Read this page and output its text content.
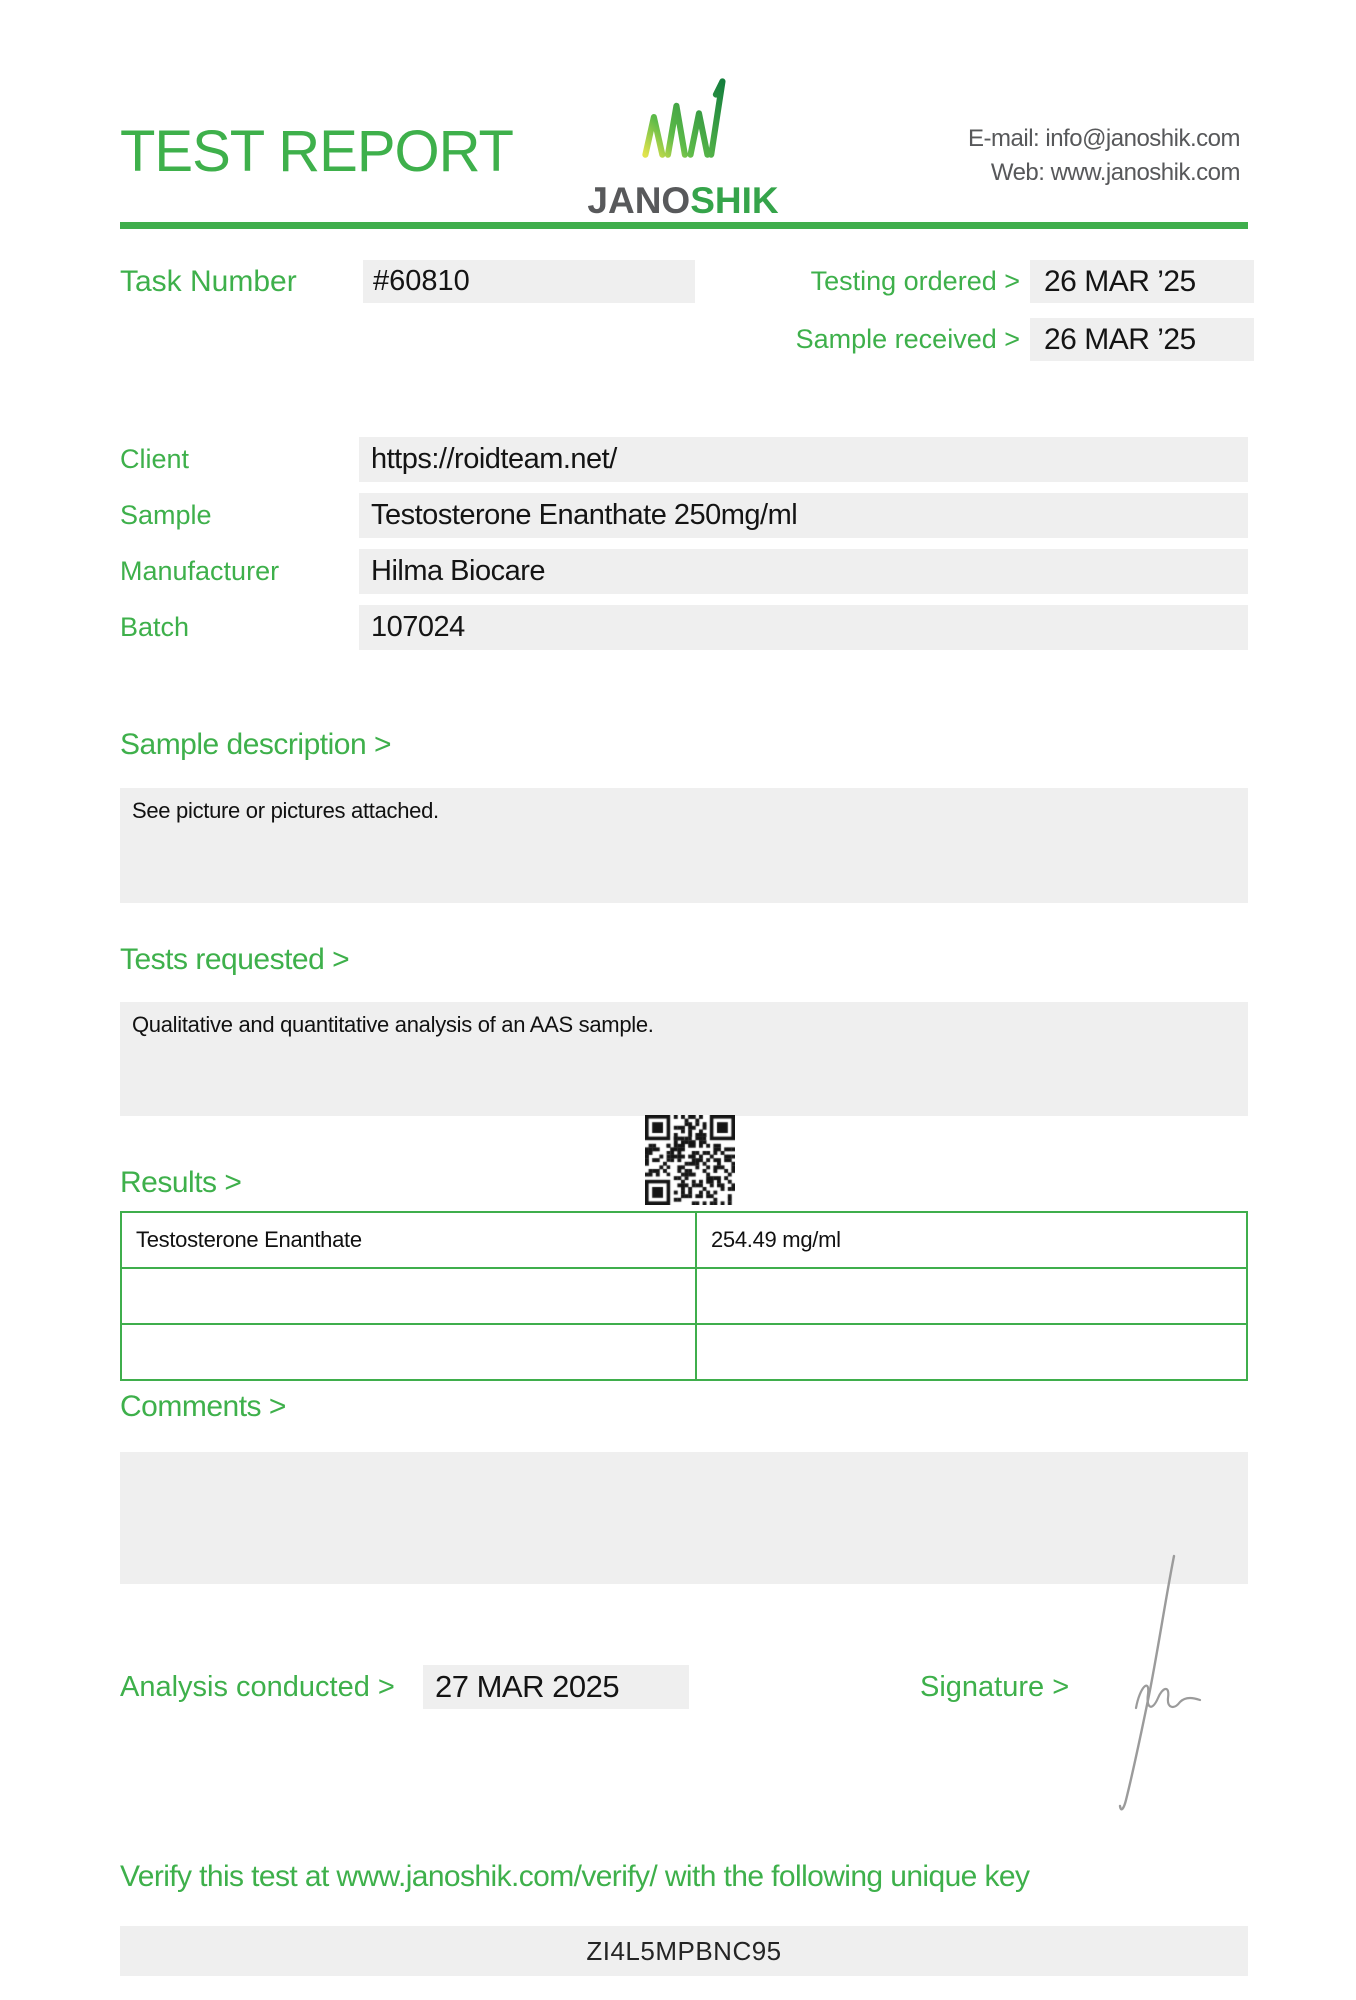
TEST REPORT
JANOSHIK
E-mail: info@janoshik.com
Web: www.janoshik.com
Task Number	#60810	Testing ordered > 26 MAR ’25
Sample received > 26 MAR ’25
Client	https://roidteam.net/
Sample	Testosterone Enanthate 250mg/ml
Manufacturer	Hilma Biocare
Batch	107024
Sample description >
See picture or pictures attached.
Tests requested >
Qualitative and quantitative analysis of an AAS sample.
Results >
Testosterone Enanthate	254.49 mg/ml

Comments >
Analysis conducted >	27 MAR 2025	Signature >
Verify this test at www.janoshik.com/verify/ with the following unique key
ZI4L5MPBNC95
